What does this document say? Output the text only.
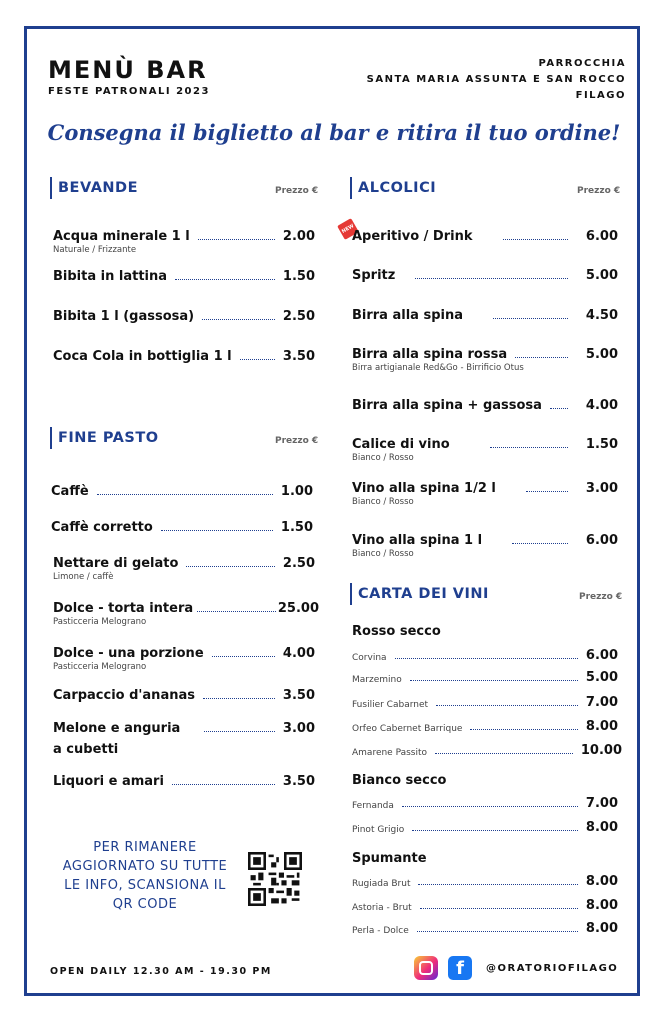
MENÙ BAR
FESTE PATRONALI 2023
PARROCCHIA
SANTA MARIA ASSUNTA E SAN ROCCO
FILAGO
Consegna il biglietto al bar e ritira il tuo ordine!
BEVANDE	Prezzo €
Acqua minerale 1 l	2.00
Naturale / Frizzante
Bibita in lattina	1.50
Bibita 1 l (gassosa)	2.50
Coca Cola in bottiglia 1 l	3.50
FINE PASTO	Prezzo €
Caffè	1.00
Caffè corretto	1.50
Nettare di gelato	2.50
Limone / caffè
Dolce - torta intera	25.00
Pasticceria Melograno
Dolce - una porzione	4.00
Pasticceria Melograno
Carpaccio d'ananas	3.50
Melone e anguria	3.00
a cubetti
Liquori e amari	3.50
ALCOLICI	Prezzo €
NEW
Aperitivo / Drink	6.00
Spritz	5.00
Birra alla spina	4.50
Birra alla spina rossa	5.00
Birra artigianale Red&Go - Birrificio Otus
Birra alla spina + gassosa	4.00
Calice di vino	1.50
Bianco / Rosso
Vino alla spina 1/2 l	3.00
Bianco / Rosso
Vino alla spina 1 l	6.00
Bianco / Rosso
CARTA DEI VINI	Prezzo €
Rosso secco
Corvina	6.00
Marzemino	5.00
Fusilier Cabarnet	7.00
Orfeo Cabernet Barrique	8.00
Amarene Passito	10.00
Bianco secco
Fernanda	7.00
Pinot Grigio	8.00
Spumante
Rugiada Brut	8.00
Astoria - Brut	8.00
Perla - Dolce	8.00
PER RIMANERE
AGGIORNATO SU TUTTE
LE INFO, SCANSIONA IL
QR CODE
OPEN DAILY 12.30 AM - 19.30 PM	f	@ORATORIOFILAGO
